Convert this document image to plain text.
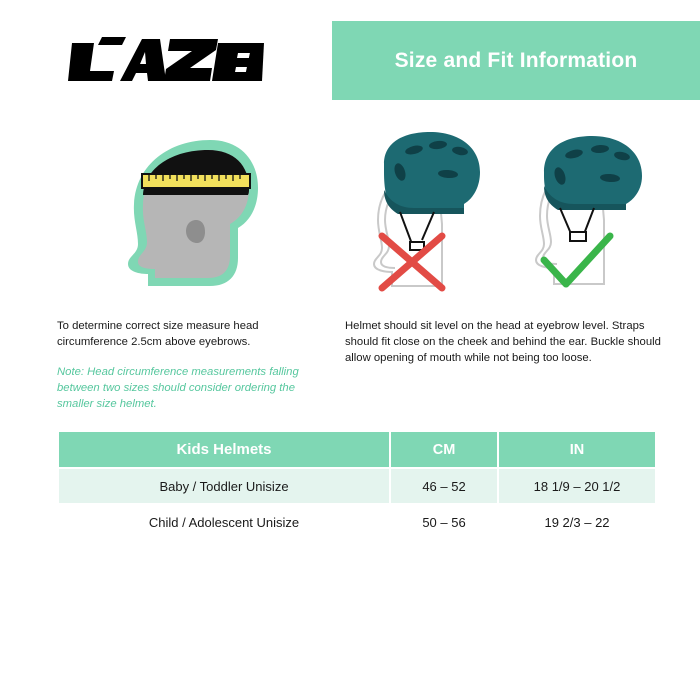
Size and Fit Information
To determine correct size measure head circumference 2.5cm above eyebrows.
Note: Head circumference measurements falling between two sizes should consider ordering the smaller size helmet.
Helmet should sit level on the head at eyebrow level. Straps should fit close on the cheek and behind the ear. Buckle should allow opening of mouth while not being too loose.
Kids Helmets	CM	IN
Baby / Toddler Unisize	46 – 52	18 1/9 – 20 1/2
Child / Adolescent Unisize	50 – 56	19 2/3 – 22
